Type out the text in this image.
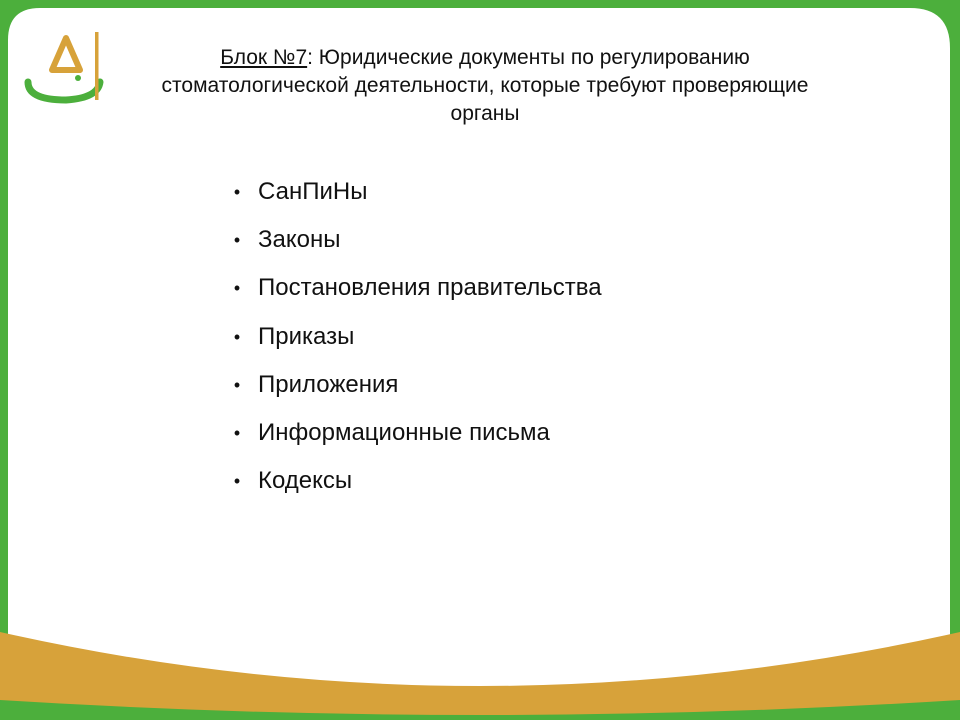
Блок №7: Юридические документы по регулированию стоматологической деятельности, которые требуют проверяющие органы
• СанПиНы
• Законы
• Постановления правительства
• Приказы
• Приложения
• Информационные письма
• Кодексы
